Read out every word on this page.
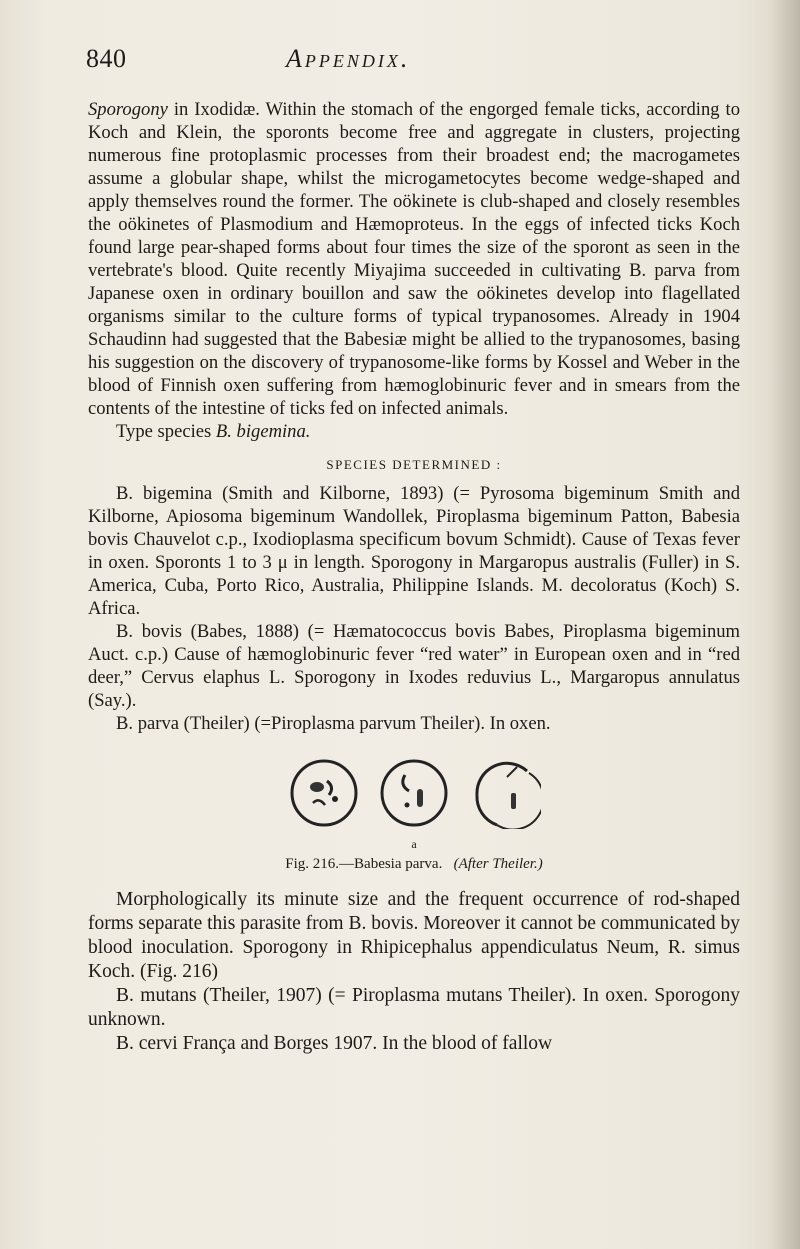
840	Appendix.

Sporogony in Ixodidæ. Within the stomach of the engorged female ticks, according to Koch and Klein, the sporonts become free and aggregate in clusters, projecting numerous fine protoplasmic processes from their broadest end; the macrogametes assume a globular shape, whilst the microgametocytes become wedge-shaped and apply themselves round the former. The oökinete is club-shaped and closely resembles the oökinetes of Plasmodium and Hæmoproteus. In the eggs of infected ticks Koch found large pear-shaped forms about four times the size of the sporont as seen in the vertebrate's blood. Quite recently Miyajima succeeded in cultivating B. parva from Japanese oxen in ordinary bouillon and saw the oökinetes develop into flagellated organisms similar to the culture forms of typical trypanosomes. Already in 1904 Schaudinn had suggested that the Babesiæ might be allied to the trypanosomes, basing his suggestion on the discovery of trypanosome-like forms by Kossel and Weber in the blood of Finnish oxen suffering from hæmoglobinuric fever and in smears from the contents of the intestine of ticks fed on infected animals.

Type species B. bigemina.

SPECIES DETERMINED :

B. bigemina (Smith and Kilborne, 1893) (= Pyrosoma bigeminum Smith and Kilborne, Apiosoma bigeminum Wandollek, Piroplasma bigeminum Patton, Babesia bovis Chauvelot c.p., Ixodioplasma specificum bovum Schmidt). Cause of Texas fever in oxen. Sporonts 1 to 3 μ in length. Sporogony in Margaropus australis (Fuller) in S. America, Cuba, Porto Rico, Australia, Philippine Islands. M. decoloratus (Koch) S. Africa.

B. bovis (Babes, 1888) (= Hæmatococcus bovis Babes, Piroplasma bigeminum Auct. c.p.) Cause of hæmoglobinuric fever “red water” in European oxen and in “red deer,” Cervus elaphus L. Sporogony in Ixodes reduvius L., Margaropus annulatus (Say.).

B. parva (Theiler) (=Piroplasma parvum Theiler). In oxen.

a
Fig. 216.—Babesia parva. (After Theiler.)

Morphologically its minute size and the frequent occurrence of rod-shaped forms separate this parasite from B. bovis. Moreover it cannot be communicated by blood inoculation. Sporogony in Rhipicephalus appendiculatus Neum, R. simus Koch. (Fig. 216)

B. mutans (Theiler, 1907) (= Piroplasma mutans Theiler). In oxen. Sporogony unknown.

B. cervi França and Borges 1907. In the blood of fallow
